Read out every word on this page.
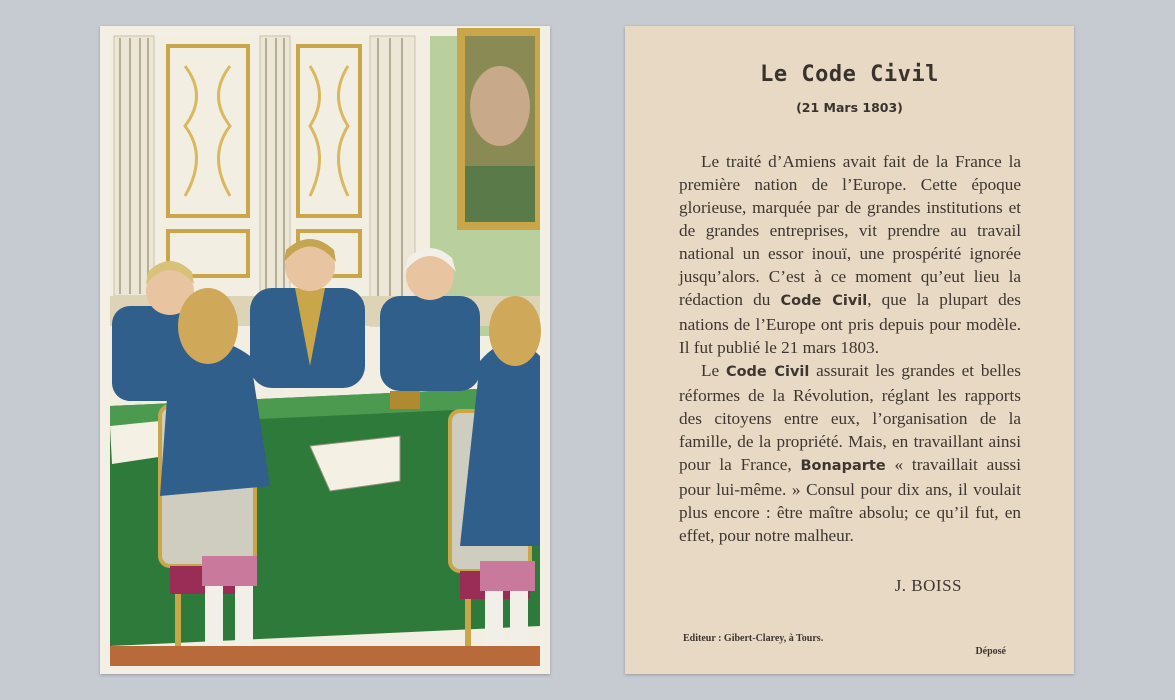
Le Code Civil
(21 Mars 1803)

Le traité d’Amiens avait fait de la France la première nation de l’Europe. Cette époque glorieuse, marquée par de grandes institutions et de grandes entreprises, vit prendre au travail national un essor inouï, une prospérité ignorée jusqu’alors. C’est à ce moment qu’eut lieu la rédaction du Code Civil, que la plupart des nations de l’Europe ont pris depuis pour modèle. Il fut publié le 21 mars 1803.

Le Code Civil assurait les grandes et belles réformes de la Révolution, réglant les rapports des citoyens entre eux, l’organisation de la famille, de la propriété. Mais, en travaillant ainsi pour la France, Bonaparte « travaillait aussi pour lui-même. » Consul pour dix ans, il voulait plus encore : être maître absolu; ce qu’il fut, en effet, pour notre malheur.

J. BOISS
Editeur : Gibert-Clarey, à Tours.
Déposé
